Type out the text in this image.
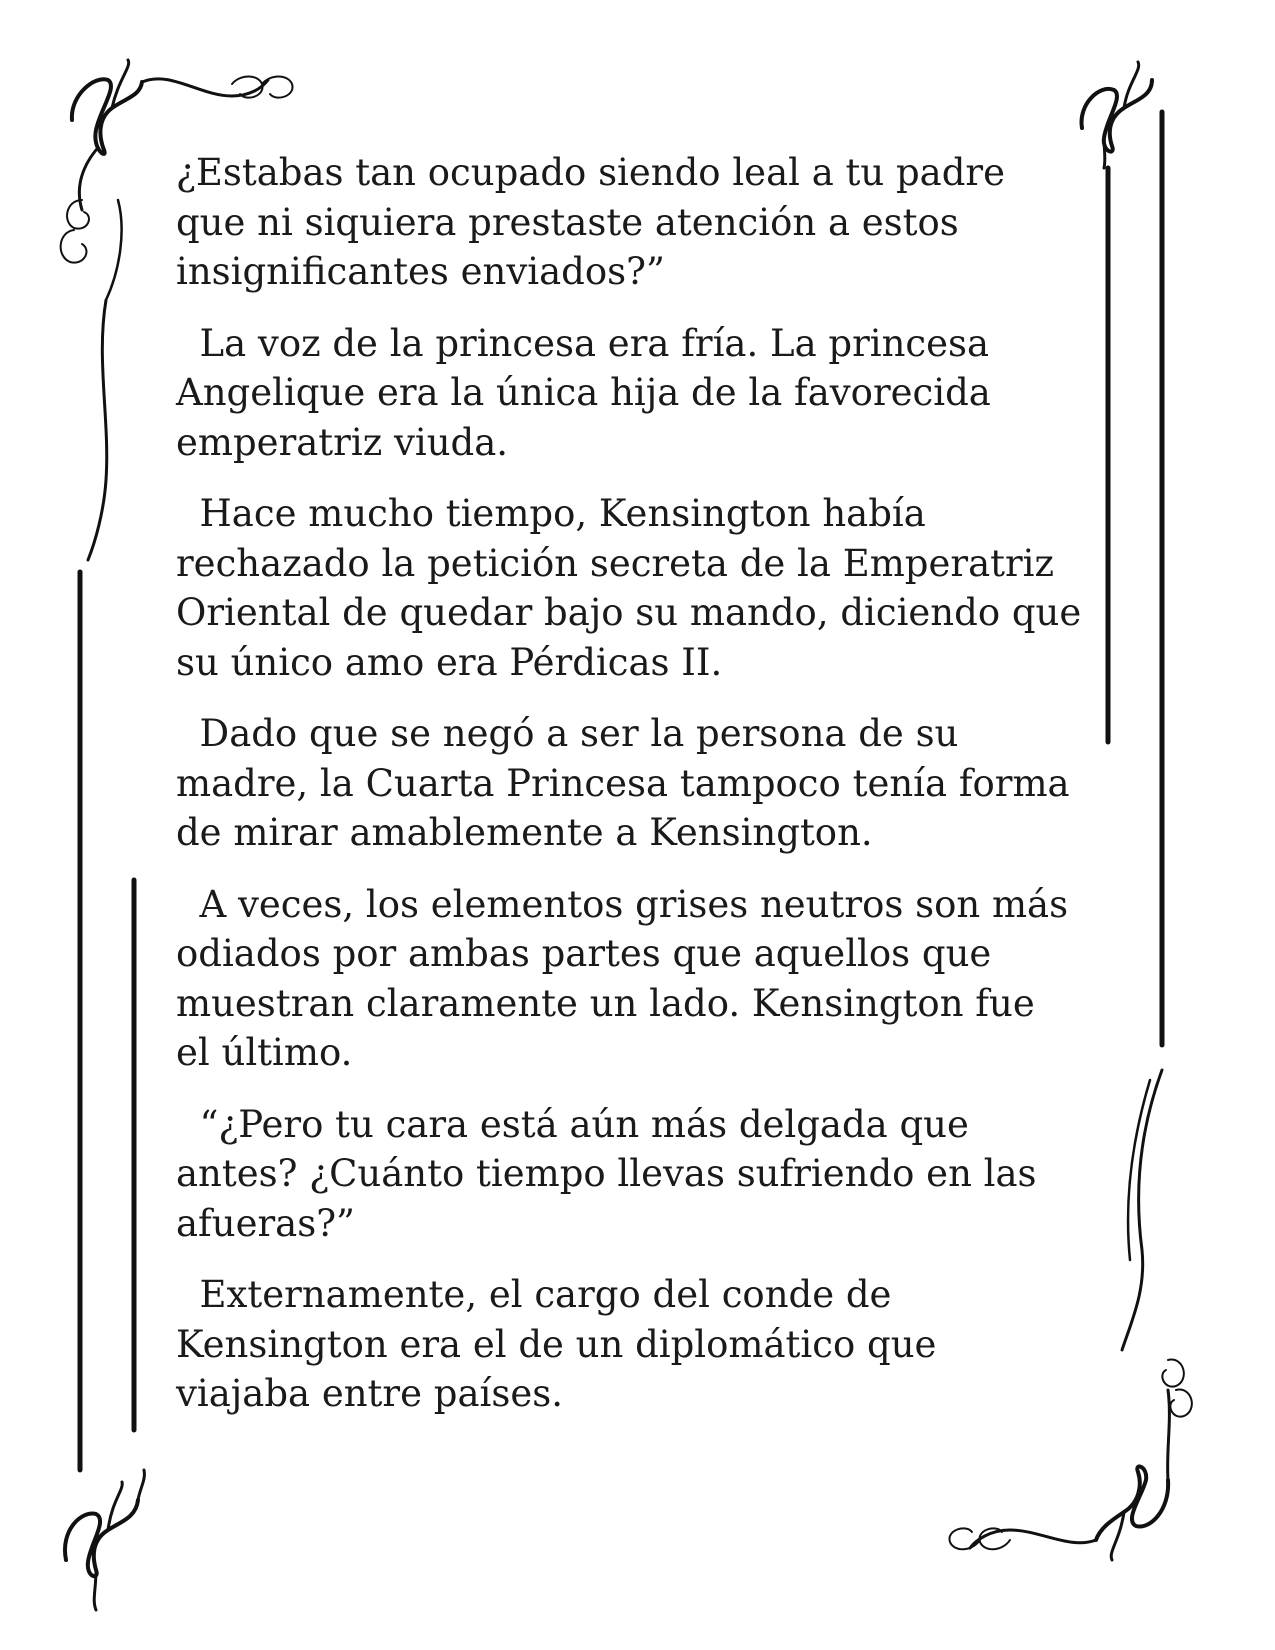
¿Estabas tan ocupado siendo leal a tu padre
que ni siquiera prestaste atención a estos
insignificantes enviados?”

La voz de la princesa era fría. La princesa
Angelique era la única hija de la favorecida
emperatriz viuda.

Hace mucho tiempo, Kensington había
rechazado la petición secreta de la Emperatriz
Oriental de quedar bajo su mando, diciendo que
su único amo era Pérdicas II.

Dado que se negó a ser la persona de su
madre, la Cuarta Princesa tampoco tenía forma
de mirar amablemente a Kensington.

A veces, los elementos grises neutros son más
odiados por ambas partes que aquellos que
muestran claramente un lado. Kensington fue
el último.

“¿Pero tu cara está aún más delgada que
antes? ¿Cuánto tiempo llevas sufriendo en las
afueras?”

Externamente, el cargo del conde de
Kensington era el de un diplomático que
viajaba entre países.
